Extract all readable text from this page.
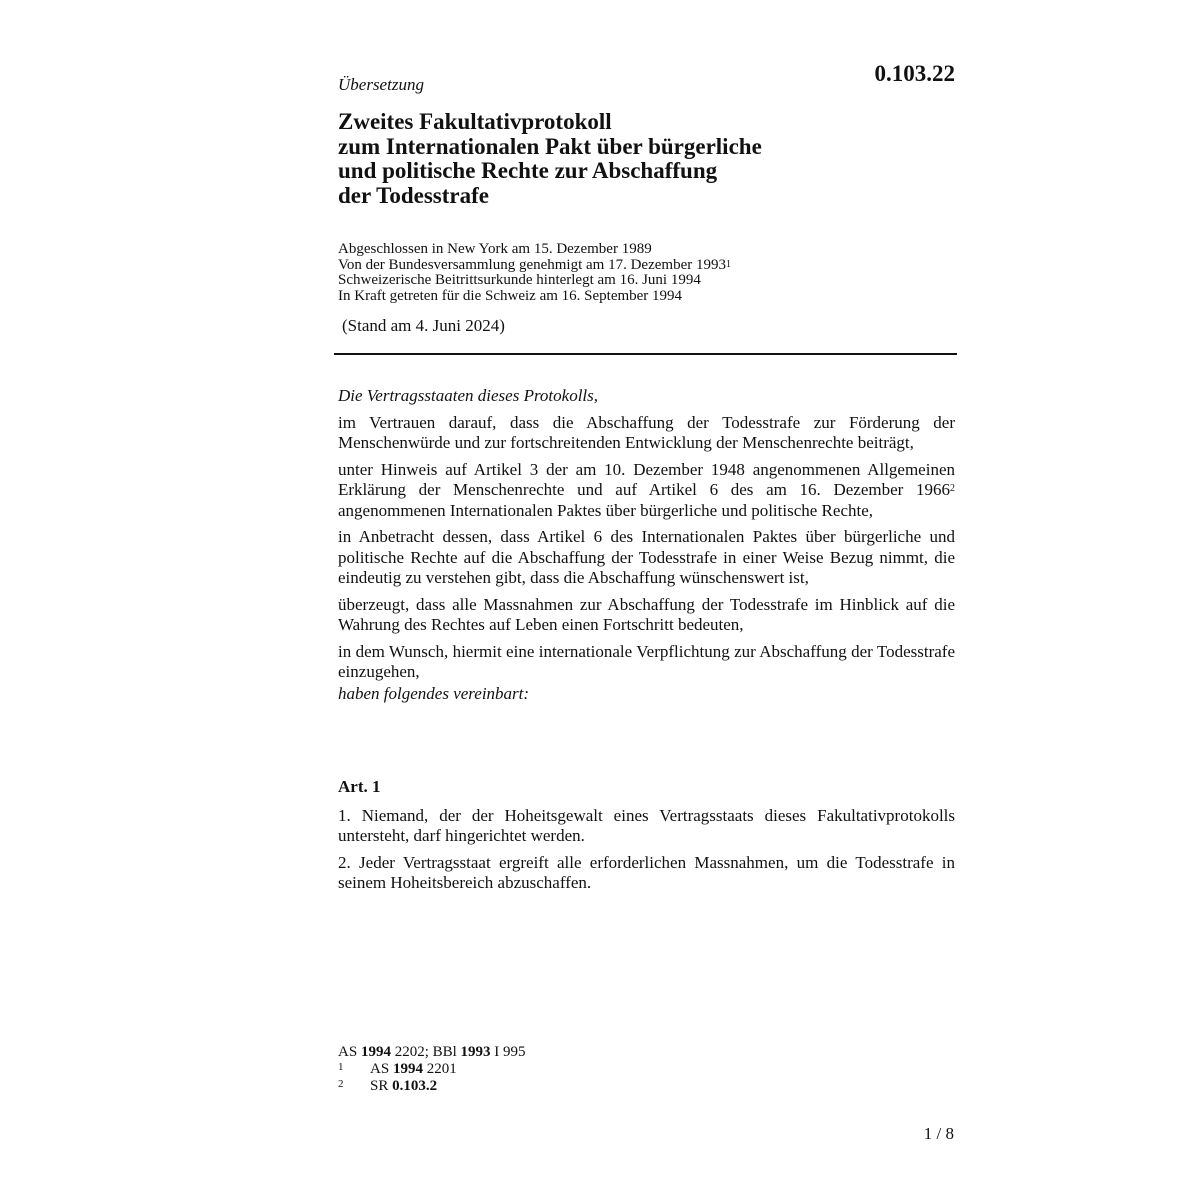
0.103.22
Übersetzung
Zweites Fakultativprotokoll
zum Internationalen Pakt über bürgerliche
und politische Rechte zur Abschaffung
der Todesstrafe
Abgeschlossen in New York am 15. Dezember 1989
Von der Bundesversammlung genehmigt am 17. Dezember 1993$^1$
Schweizerische Beitrittsurkunde hinterlegt am 16. Juni 1994
In Kraft getreten für die Schweiz am 16. September 1994
(Stand am 4. Juni 2024)

Die Vertragsstaaten dieses Protokolls,

im Vertrauen darauf, dass die Abschaffung der Todesstrafe zur Förderung der Menschenwürde und zur fortschreitenden Entwicklung der Menschenrechte beiträgt,

unter Hinweis auf Artikel 3 der am 10. Dezember 1948 angenommenen Allgemeinen Erklärung der Menschenrechte und auf Artikel 6 des am 16. Dezember 1966$^2$ angenommenen Internationalen Paktes über bürgerliche und politische Rechte,

in Anbetracht dessen, dass Artikel 6 des Internationalen Paktes über bürgerliche und politische Rechte auf die Abschaffung der Todesstrafe in einer Weise Bezug nimmt, die eindeutig zu verstehen gibt, dass die Abschaffung wünschenswert ist,

überzeugt, dass alle Massnahmen zur Abschaffung der Todesstrafe im Hinblick auf die Wahrung des Rechtes auf Leben einen Fortschritt bedeuten,

in dem Wunsch, hiermit eine internationale Verpflichtung zur Abschaffung der Todesstrafe einzugehen,

haben folgendes vereinbart:

Art. 1

1. Niemand, der der Hoheitsgewalt eines Vertragsstaats dieses Fakultativprotokolls untersteht, darf hingerichtet werden.

2. Jeder Vertragsstaat ergreift alle erforderlichen Massnahmen, um die Todesstrafe in seinem Hoheitsbereich abzuschaffen.

AS 1994 2202; BBl 1993 I 995
1	AS 1994 2201
2	SR 0.103.2
1 / 8
